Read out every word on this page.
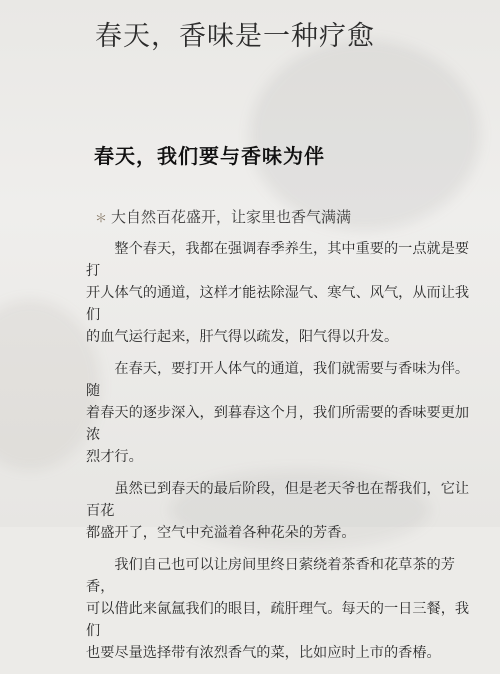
春天，香味是一种疗愈
春天，我们要与香味为伴
＊ 大自然百花盛开，让家里也香气满满

整个春天，我都在强调春季养生，其中重要的一点就是要打
开人体气的通道，这样才能祛除湿气、寒气、风气，从而让我们
的血气运行起来，肝气得以疏发，阳气得以升发。

在春天，要打开人体气的通道，我们就需要与香味为伴。随
着春天的逐步深入，到暮春这个月，我们所需要的香味要更加浓
烈才行。

虽然已到春天的最后阶段，但是老天爷也在帮我们，它让百花
都盛开了，空气中充溢着各种花朵的芳香。

我们自己也可以让房间里终日萦绕着茶香和花草茶的芳香，
可以借此来氤氲我们的眼目，疏肝理气。每天的一日三餐，我们
也要尽量选择带有浓烈香气的菜，比如应时上市的香椿。
